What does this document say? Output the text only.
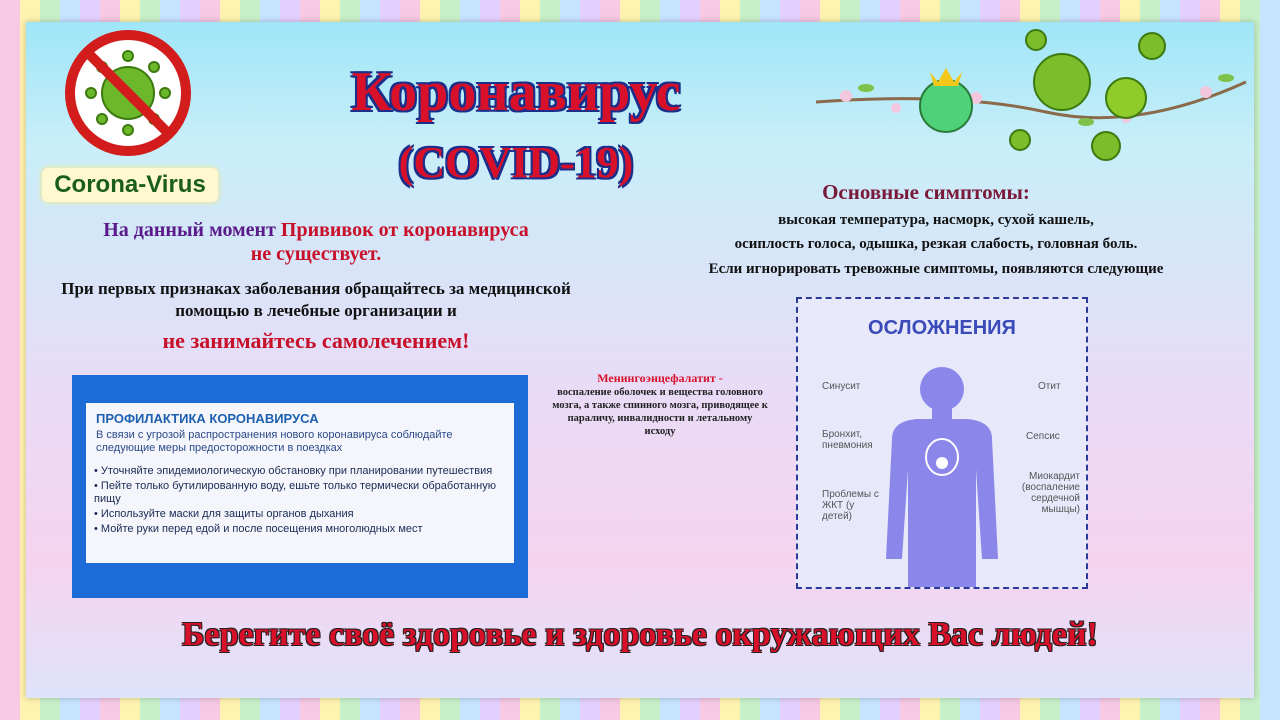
Corona-Virus
Коронавирус
(COVID-19)
На данный момент Прививок от коронавируса
не существует.
При первых признаках заболевания обращайтесь за медицинской помощью в лечебные организации и
не занимайтесь самолечением!
ПРОФИЛАКТИКА КОРОНАВИРУСА
В связи с угрозой распространения нового коронавируса соблюдайте следующие меры предосторожности в поездках
• Уточняйте эпидемиологическую обстановку при планировании путешествия
• Пейте только бутилированную воду, ешьте только термически обработанную пищу
• Используйте маски для защиты органов дыхания
• Мойте руки перед едой и после посещения многолюдных мест
Основные симптомы:
высокая температура, насморк, сухой кашель,
осиплость голоса, одышка, резкая слабость, головная боль.
Если игнорировать тревожные симптомы, появляются следующие
ОСЛОЖНЕНИЯ
Синусит	Отит
Бронхит, пневмония
Сепсис
Миокардит (воспаление сердечной мышцы)
Проблемы с ЖКТ (у детей)
Менингоэнцефалатит -
воспаление оболочек и вещества головного мозга, а также спинного мозга, приводящее к параличу, инвалидности и летальному исходу
Берегите своё здоровье и здоровье окружающих Вас людей!
